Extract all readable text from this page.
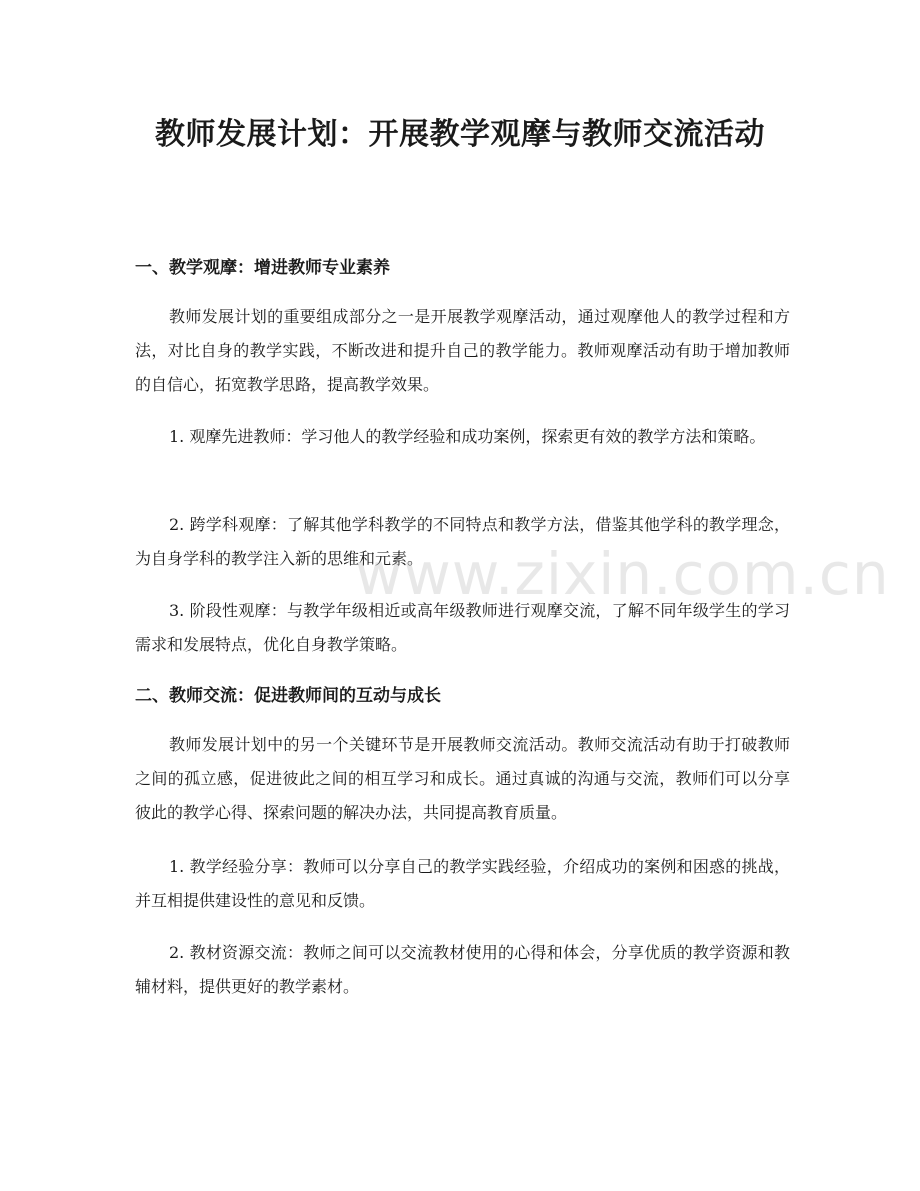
教师发展计划：开展教学观摩与教师交流活动
一、教学观摩：增进教师专业素养
教师发展计划的重要组成部分之一是开展教学观摩活动，通过观摩他人的教学过程和方法，对比自身的教学实践，不断改进和提升自己的教学能力。教师观摩活动有助于增加教师的自信心，拓宽教学思路，提高教学效果。
1. 观摩先进教师：学习他人的教学经验和成功案例，探索更有效的教学方法和策略。
2. 跨学科观摩：了解其他学科教学的不同特点和教学方法，借鉴其他学科的教学理念，为自身学科的教学注入新的思维和元素。
3. 阶段性观摩：与教学年级相近或高年级教师进行观摩交流，了解不同年级学生的学习需求和发展特点，优化自身教学策略。
二、教师交流：促进教师间的互动与成长
教师发展计划中的另一个关键环节是开展教师交流活动。教师交流活动有助于打破教师之间的孤立感，促进彼此之间的相互学习和成长。通过真诚的沟通与交流，教师们可以分享彼此的教学心得、探索问题的解决办法，共同提高教育质量。
1. 教学经验分享：教师可以分享自己的教学实践经验，介绍成功的案例和困惑的挑战，并互相提供建设性的意见和反馈。
2. 教材资源交流：教师之间可以交流教材使用的心得和体会，分享优质的教学资源和教辅材料，提供更好的教学素材。
www.zixin.com.cn
